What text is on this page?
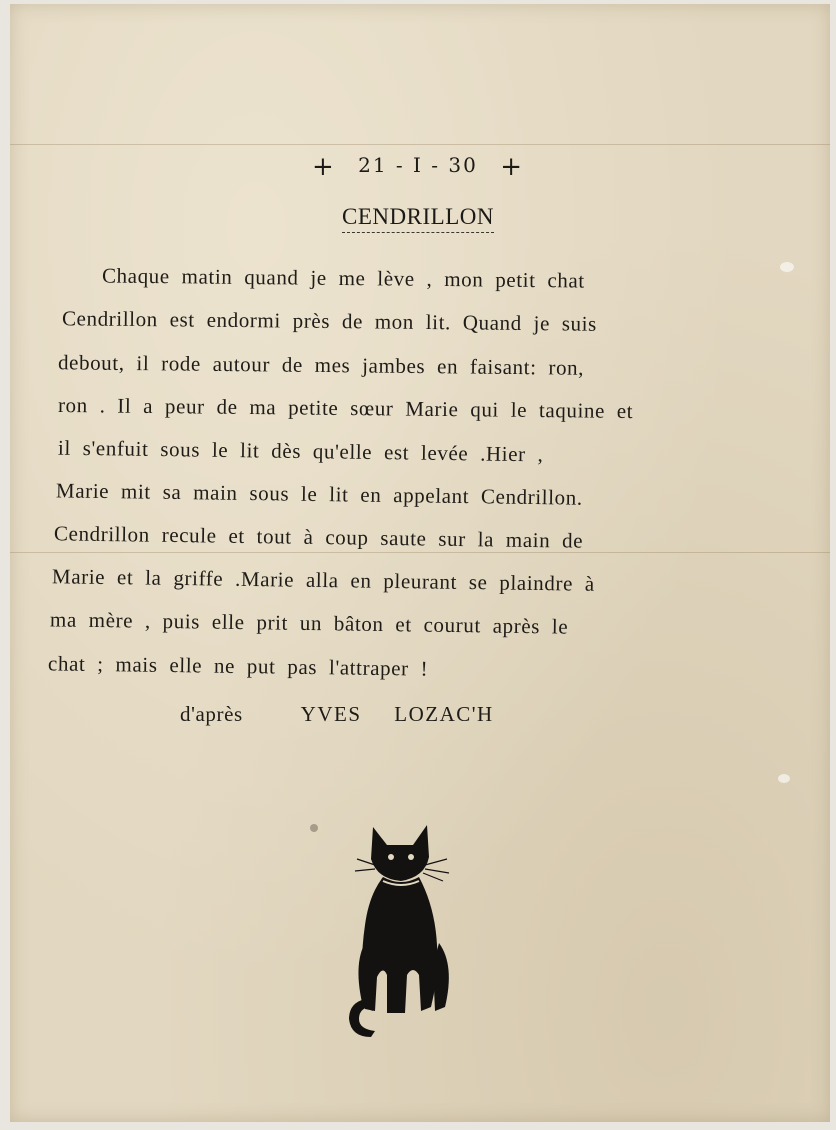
+ 21 - I - 30 +
CENDRILLON
Chaque matin quand je me lève , mon petit chat
Cendrillon est endormi près de mon lit. Quand je suis
debout, il rode autour de mes jambes en faisant: ron,
ron . Il a peur de ma petite sœur Marie qui le taquine et
il s'enfuit sous le lit dès qu'elle est levée .Hier ,
Marie mit sa main sous le lit en appelant Cendrillon.
Cendrillon recule et tout à coup saute sur la main de
Marie et la griffe .Marie alla en pleurant se plaindre à
ma mère , puis elle prit un bâton et courut après le
chat ; mais elle ne put pas l'attraper !
d'après	YVES LOZAC'H
